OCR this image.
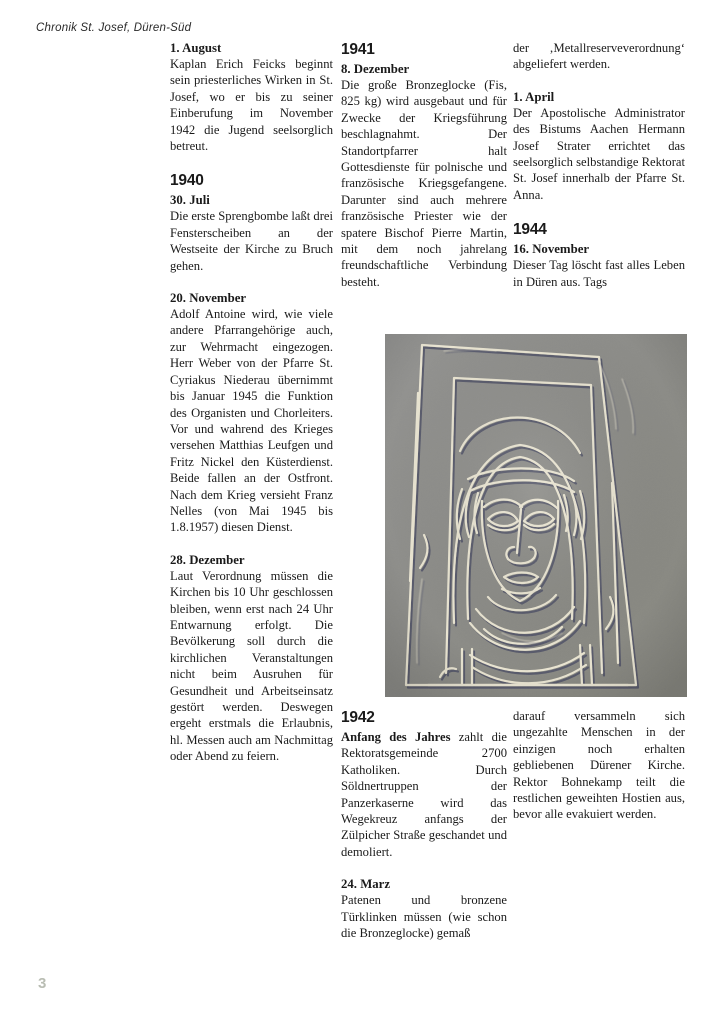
Chronik St. Josef, Düren-Süd
1. August

Kaplan Erich Feicks beginnt sein priesterliches Wirken in St. Josef, wo er bis zu seiner Einberufung im November 1942 die Jugend seelsorglich betreut.

1940
30. Juli

Die erste Sprengbombe laßt drei Fensterscheiben an der Westseite der Kirche zu Bruch gehen.

20. November

Adolf Antoine wird, wie viele andere Pfarrangehörige auch, zur Wehrmacht eingezogen. Herr Weber von der Pfarre St. Cyriakus Niederau übernimmt bis Januar 1945 die Funktion des Organisten und Chorleiters. Vor und wahrend des Krieges versehen Matthias Leufgen und Fritz Nickel den Küsterdienst. Beide fallen an der Ostfront. Nach dem Krieg versieht Franz Nelles (von Mai 1945 bis 1.8.1957) diesen Dienst.

28. Dezember

Laut Verordnung müssen die Kirchen bis 10 Uhr geschlossen bleiben, wenn erst nach 24 Uhr Entwarnung erfolgt. Die Bevölkerung soll durch die kirchlichen Veranstaltungen nicht beim Ausruhen für Gesundheit und Arbeitseinsatz gestört werden. Deswegen ergeht erstmals die Erlaubnis, hl. Messen auch am Nachmittag oder Abend zu feiern.

1941
8. Dezember

Die große Bronzeglocke (Fis, 825 kg) wird ausgebaut und für Zwecke der Kriegsführung beschlagnahmt. Der Standortpfarrer halt Gottesdienste für polnische und französische Kriegsgefangene. Darunter sind auch mehrere französische Priester wie der spatere Bischof Pierre Martin, mit dem noch jahrelang freundschaftliche Verbindung besteht.

1942

Anfang des Jahres zahlt die Rektoratsgemeinde 2700 Katholiken. Durch Söldnertruppen der Panzerkaserne wird das Wegekreuz anfangs der Zülpicher Straße geschandet und demoliert.

24. Marz

Patenen und bronzene Türklinken müssen (wie schon die Bronzeglocke) gemaß

der ‚Metallreserveverordnung‘ abgeliefert werden.

1. April

Der Apostolische Administrator des Bistums Aachen Hermann Josef Strater errichtet das seelsorglich selbstandige Rektorat St. Josef innerhalb der Pfarre St. Anna.

1944
16. November

Dieser Tag löscht fast alles Leben in Düren aus. Tags

darauf versammeln sich ungezahlte Menschen in der einzigen noch erhalten gebliebenen Dürener Kirche. Rektor Bohnekamp teilt die restlichen geweihten Hostien aus, bevor alle evakuiert werden.

3
